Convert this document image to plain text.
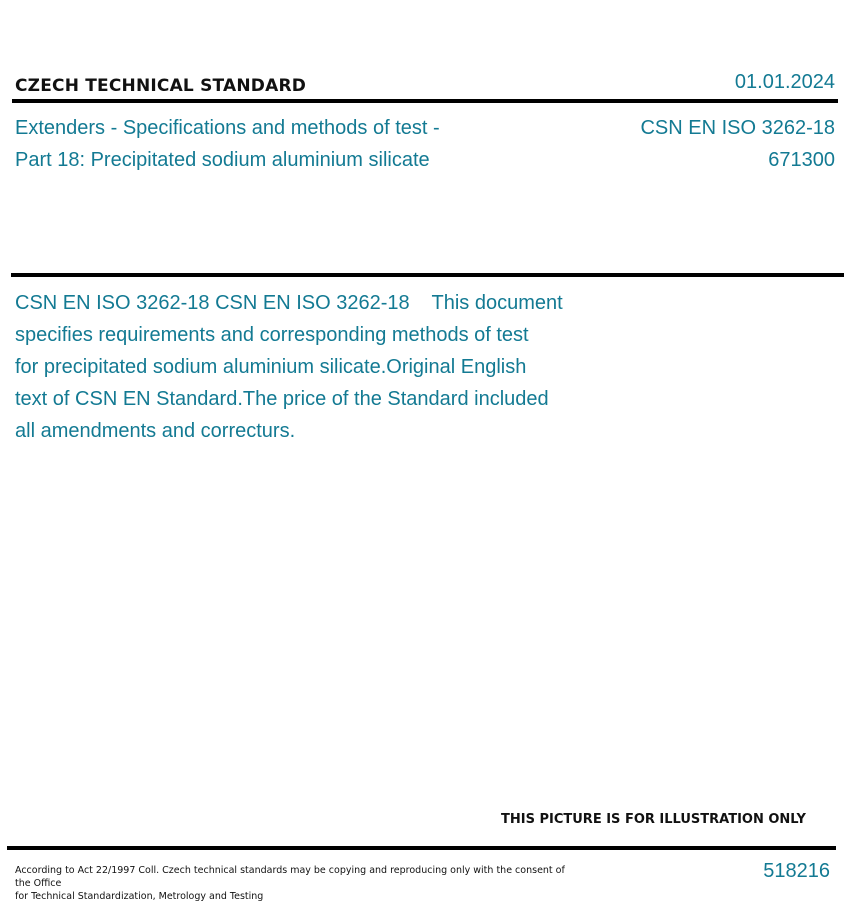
CZECH TECHNICAL STANDARD	01.01.2024
Extenders - Specifications and methods of test -
Part 18: Precipitated sodium aluminium silicate
CSN EN ISO 3262-18
671300
CSN EN ISO 3262-18 CSN EN ISO 3262-18    This document
specifies requirements and corresponding methods of test
for precipitated sodium aluminium silicate.Original English
text of CSN EN Standard.The price of the Standard included
all amendments and correcturs.
THIS PICTURE IS FOR ILLUSTRATION ONLY
According to Act 22/1997 Coll. Czech technical standards may be copying and reproducing only with the consent of the Office
for Technical Standardization, Metrology and Testing
518216
